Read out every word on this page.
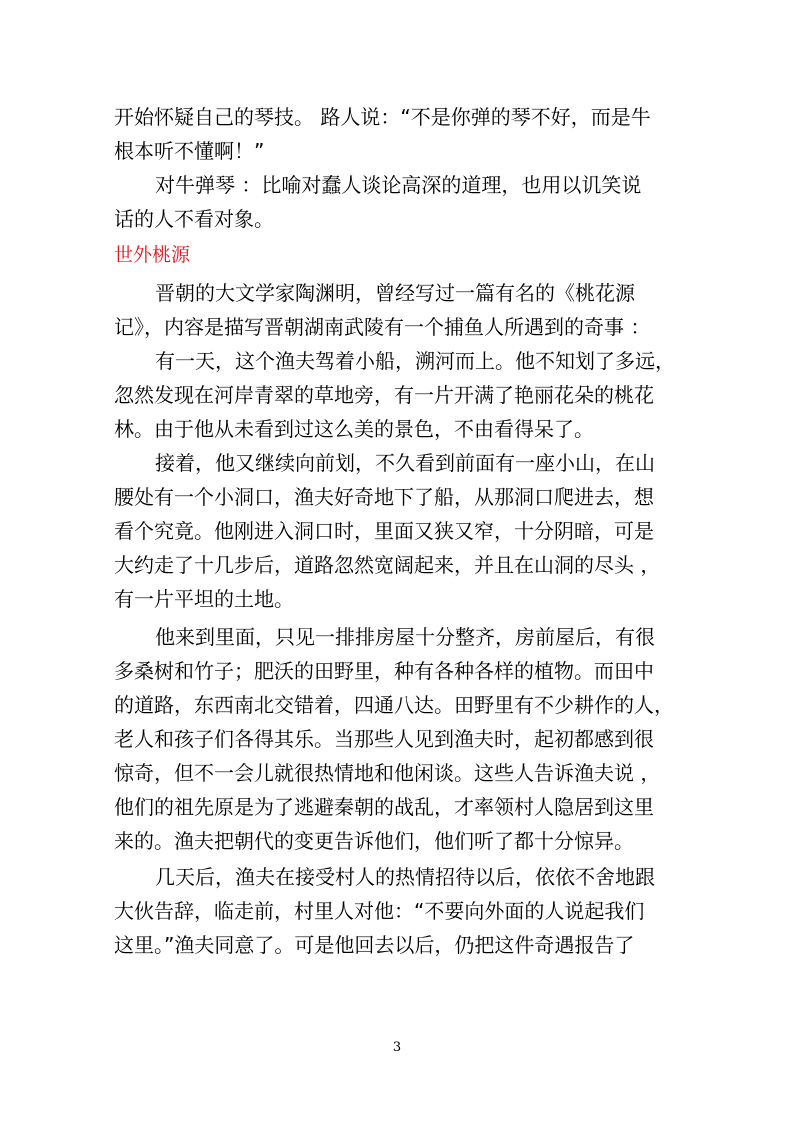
开始怀疑自己的琴技。 路人说：“不是你弹的琴不好，而是牛
根本听不懂啊！”
对牛弹琴 ：比喻对蠢人谈论高深的道理，也用以讥笑说
话的人不看对象。
世外桃源
晋朝的大文学家陶渊明，曾经写过一篇有名的《桃花源
记》，内容是描写晋朝湖南武陵有一个捕鱼人所遇到的奇事 ：
有一天，这个渔夫驾着小船，溯河而上。他不知划了多远，
忽然发现在河岸青翠的草地旁，有一片开满了艳丽花朵的桃花
林。由于他从未看到过这么美的景色，不由看得呆了。
接着，他又继续向前划，不久看到前面有一座小山，在山
腰处有一个小洞口，渔夫好奇地下了船，从那洞口爬进去，想
看个究竟。他刚进入洞口时，里面又狭又窄，十分阴暗，可是
大约走了十几步后，道路忽然宽阔起来，并且在山洞的尽头 ，
有一片平坦的土地。
他来到里面，只见一排排房屋十分整齐，房前屋后，有很
多桑树和竹子；肥沃的田野里，种有各种各样的植物。而田中
的道路，东西南北交错着，四通八达。田野里有不少耕作的人，
老人和孩子们各得其乐。当那些人见到渔夫时，起初都感到很
惊奇，但不一会儿就很热情地和他闲谈。这些人告诉渔夫说 ，
他们的祖先原是为了逃避秦朝的战乱，才率领村人隐居到这里
来的。渔夫把朝代的变更告诉他们，他们听了都十分惊异。
几天后，渔夫在接受村人的热情招待以后，依依不舍地跟
大伙告辞，临走前，村里人对他：“不要向外面的人说起我们
这里。”渔夫同意了。可是他回去以后，仍把这件奇遇报告了
3
